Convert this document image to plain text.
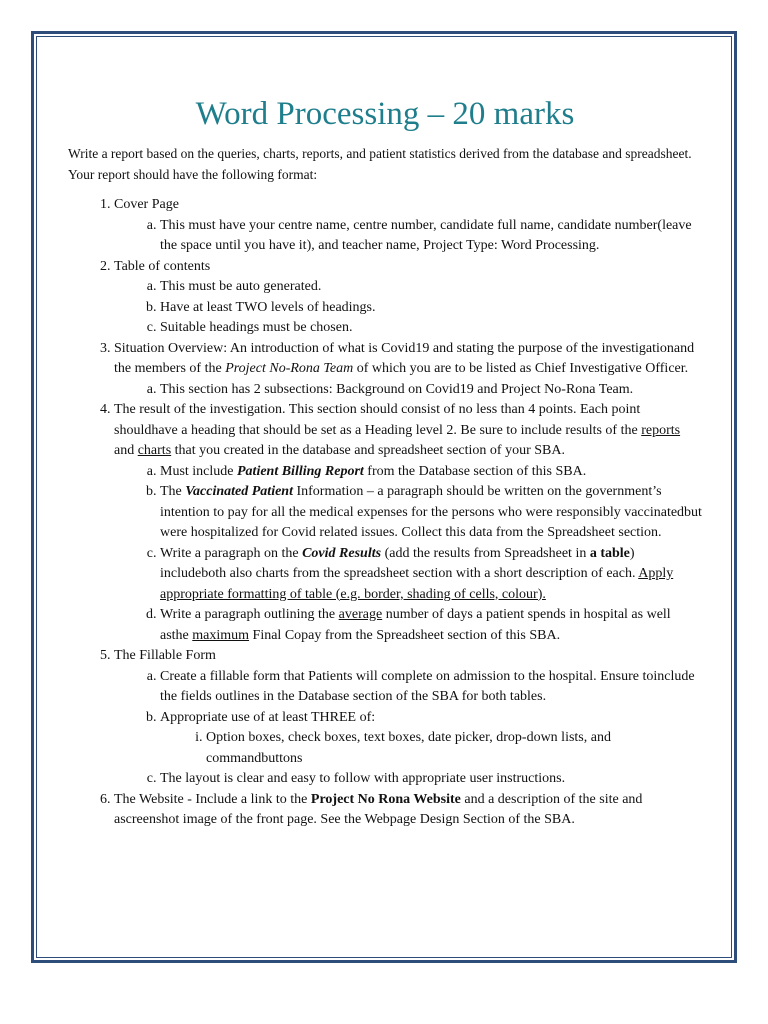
Word Processing – 20 marks

Write a report based on the queries, charts, reports, and patient statistics derived from the database and spreadsheet. Your report should have the following format:

1. Cover Page
a. This must have your centre name, centre number, candidate full name, candidate number(leave the space until you have it), and teacher name, Project Type: Word Processing.
2. Table of contents
a. This must be auto generated.
b. Have at least TWO levels of headings.
c. Suitable headings must be chosen.
3. Situation Overview: An introduction of what is Covid19 and stating the purpose of the investigationand the members of the Project No-Rona Team of which you are to be listed as Chief Investigative Officer.
a. This section has 2 subsections: Background on Covid19 and Project No-Rona Team.
4. The result of the investigation. This section should consist of no less than 4 points. Each point shouldhave a heading that should be set as a Heading level 2. Be sure to include results of the reports and charts that you created in the database and spreadsheet section of your SBA.
a. Must include Patient Billing Report from the Database section of this SBA.
b. The Vaccinated Patient Information – a paragraph should be written on the government’s intention to pay for all the medical expenses for the persons who were responsibly vaccinatedbut were hospitalized for Covid related issues. Collect this data from the Spreadsheet section.
c. Write a paragraph on the Covid Results (add the results from Spreadsheet in a table) includeboth also charts from the spreadsheet section with a short description of each. Apply appropriate formatting of table (e.g. border, shading of cells, colour).
d. Write a paragraph outlining the average number of days a patient spends in hospital as well asthe maximum Final Copay from the Spreadsheet section of this SBA.
5. The Fillable Form
a. Create a fillable form that Patients will complete on admission to the hospital. Ensure toinclude the fields outlines in the Database section of the SBA for both tables.
b. Appropriate use of at least THREE of:
i. Option boxes, check boxes, text boxes, date picker, drop-down lists, and commandbuttons
c. The layout is clear and easy to follow with appropriate user instructions.
6. The Website - Include a link to the Project No Rona Website and a description of the site and ascreenshot image of the front page. See the Webpage Design Section of the SBA.
